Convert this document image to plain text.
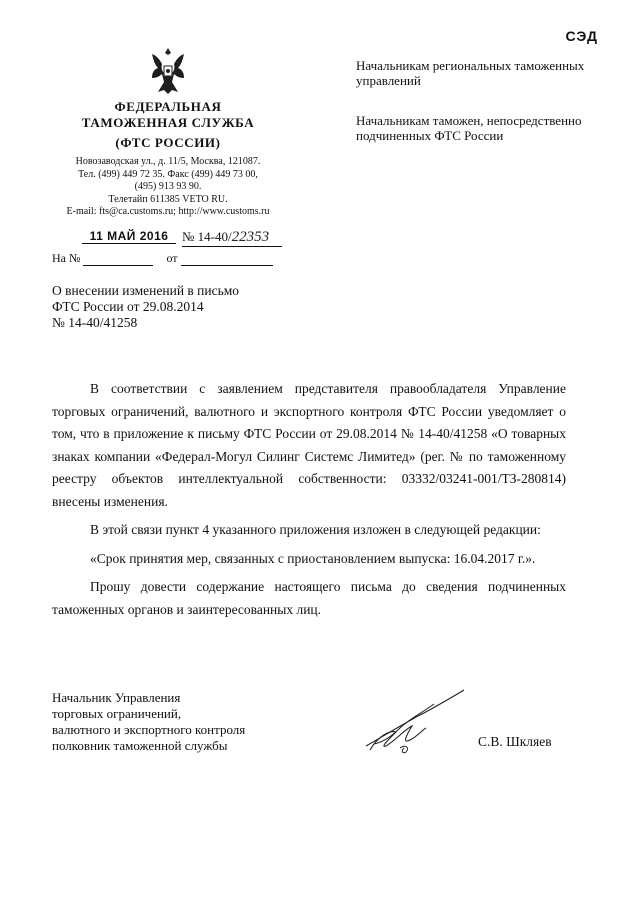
СЭД
ФЕДЕРАЛЬНАЯ
ТАМОЖЕННАЯ СЛУЖБА
(ФТС РОССИИ)
Новозаводская ул., д. 11/5, Москва, 121087.
Тел. (499) 449 72 35. Факс (499) 449 73 00,
(495) 913 93 90.
Телетайп 611385 VETO RU.
E-mail: fts@ca.customs.ru; http://www.customs.ru
11 МАЙ 2016	№ 14-40/22353
На №	от
Начальникам региональных таможенных управлений
Начальникам таможен, непосредственно подчиненных ФТС России
О внесении изменений в письмо
ФТС России от 29.08.2014
№ 14-40/41258

В соответствии с заявлением представителя правообладателя Управление торговых ограничений, валютного и экспортного контроля ФТС России уведомляет о том, что в приложение к письму ФТС России от 29.08.2014 № 14-40/41258 «О товарных знаках компании «Федерал-Могул Силинг Системс Лимитед» (рег. № по таможенному реестру объектов интеллектуальной собственности: 03332/03241-001/ТЗ-280814) внесены изменения.

В этой связи пункт 4 указанного приложения изложен в следующей редакции:

«Срок принятия мер, связанных с приостановлением выпуска: 16.04.2017 г.».

Прошу довести содержание настоящего письма до сведения подчиненных таможенных органов и заинтересованных лиц.

Начальник Управления
торговых ограничений,
валютного и экспортного контроля
полковник таможенной службы	С.В. Шкляев
